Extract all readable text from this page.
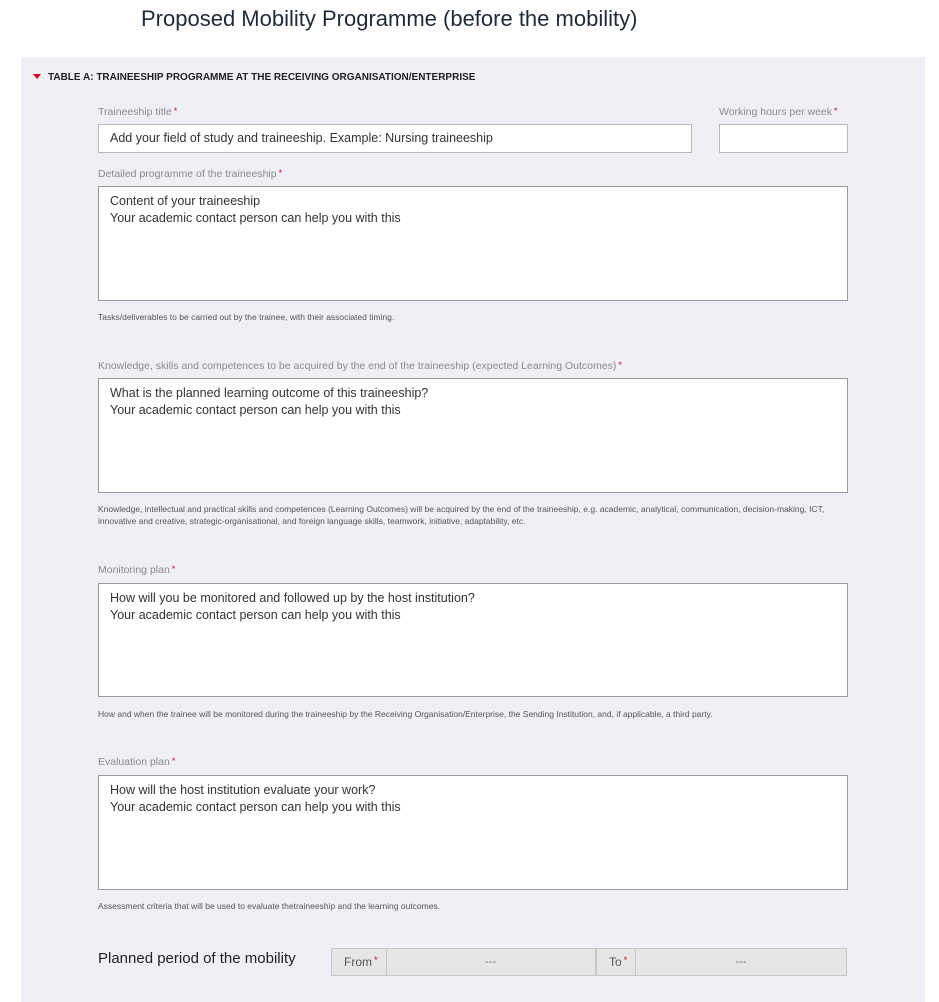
Proposed Mobility Programme (before the mobility)
TABLE A: TRAINEESHIP PROGRAMME AT THE RECEIVING ORGANISATION/ENTERPRISE
Traineeship title *
Add your field of study and traineeship. Example: Nursing traineeship
Working hours per week *
Detailed programme of the traineeship *
Content of your traineeship
Your academic contact person can help you with this
Tasks/deliverables to be carried out by the trainee, with their associated timing.
Knowledge, skills and competences to be acquired by the end of the traineeship (expected Learning Outcomes) *
What is the planned learning outcome of this traineeship?
Your academic contact person can help you with this
Knowledge, intellectual and practical skills and competences (Learning Outcomes) will be acquired by the end of the traineeship, e.g. academic, analytical, communication, decision-making, ICT, innovative and creative, strategic-organisational, and foreign language skills, teamwork, initiative, adaptability, etc.
Monitoring plan *
How will you be monitored and followed up by the host institution?
Your academic contact person can help you with this
How and when the trainee will be monitored during the traineeship by the Receiving Organisation/Enterprise, the Sending Institution, and, if applicable, a third party.
Evaluation plan *
How will the host institution evaluate your work?
Your academic contact person can help you with this
Assessment criteria that will be used to evaluate thetraineeship and the learning outcomes.
Planned period of the mobility	From *	---	To *	---
